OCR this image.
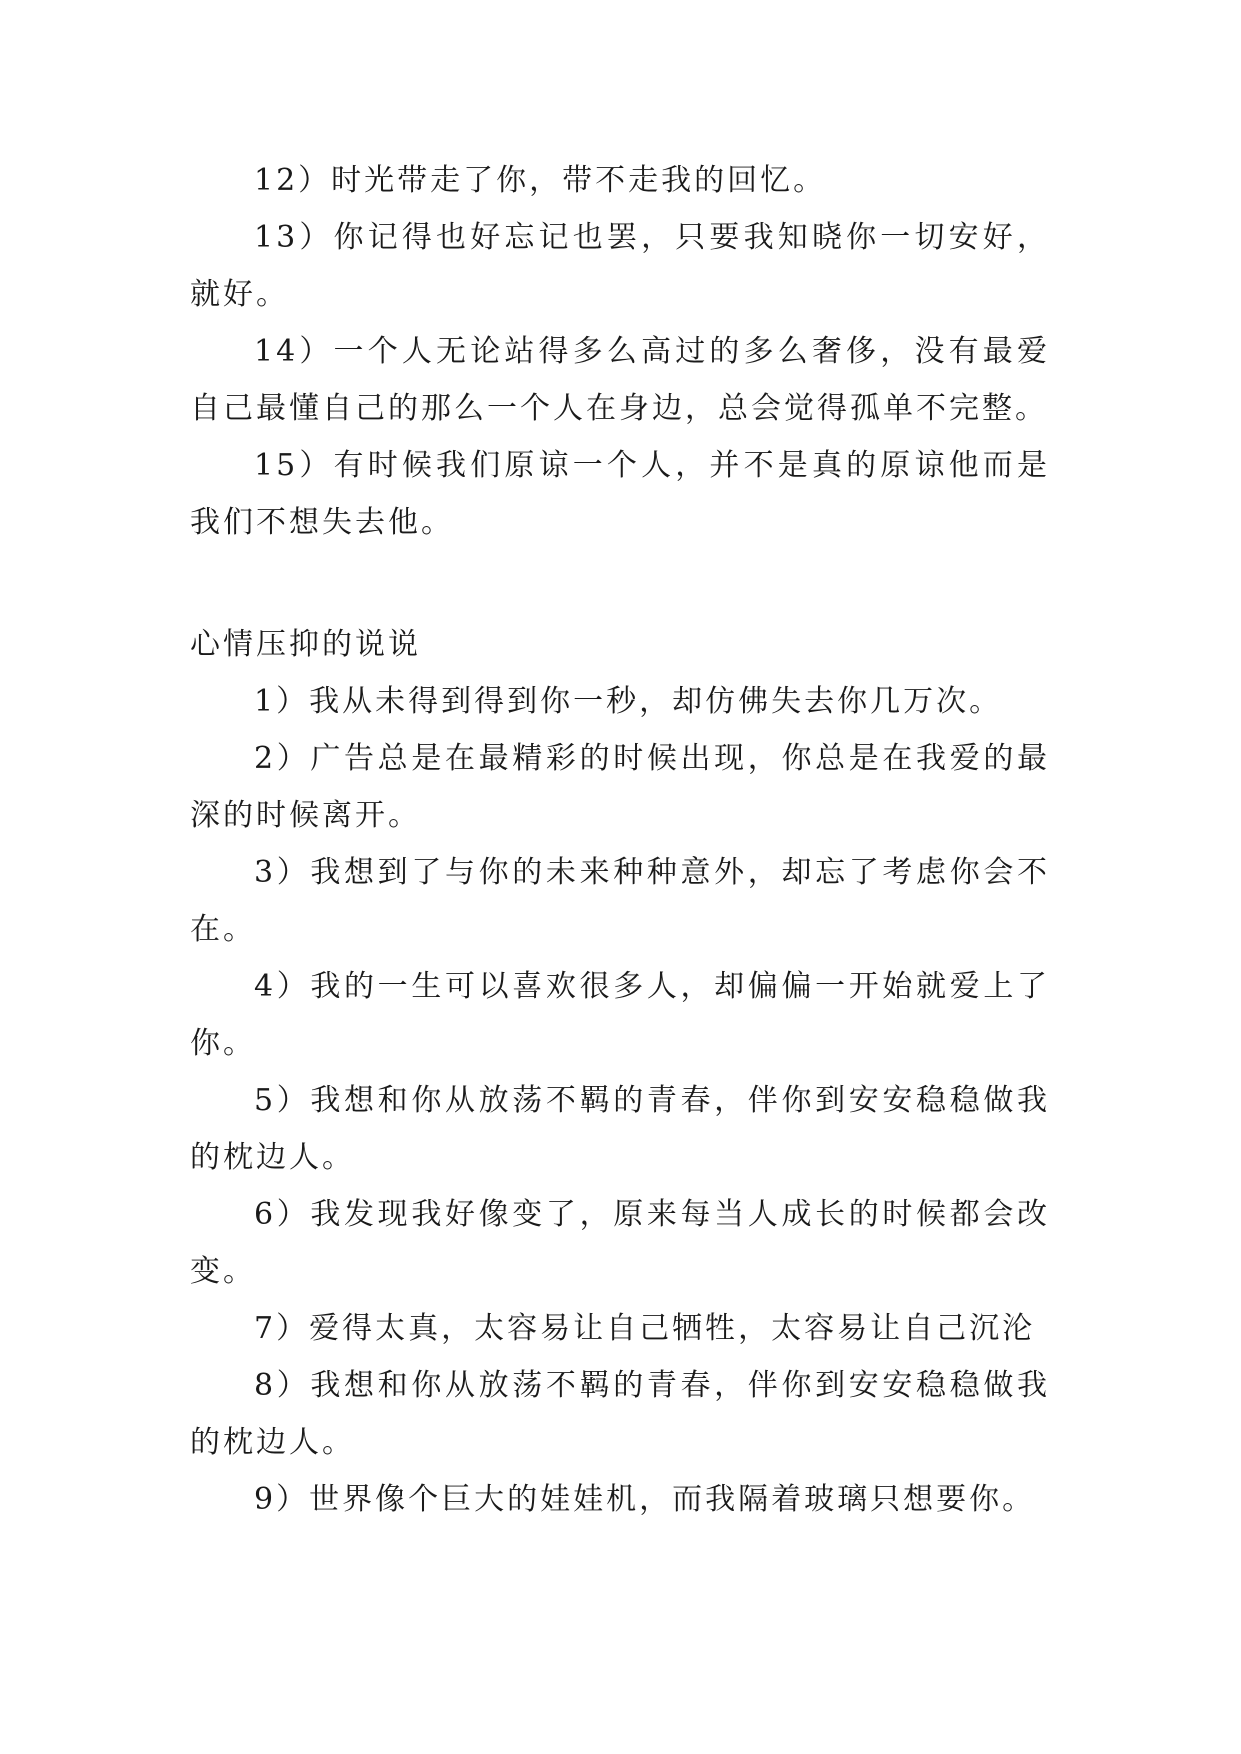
12）时光带走了你，带不走我的回忆。

13）你记得也好忘记也罢，只要我知晓你一切安好，就好。

14）一个人无论站得多么高过的多么奢侈，没有最爱自己最懂自己的那么一个人在身边，总会觉得孤单不完整。

15）有时候我们原谅一个人，并不是真的原谅他而是我们不想失去他。

心情压抑的说说

1）我从未得到得到你一秒，却仿佛失去你几万次。

2）广告总是在最精彩的时候出现，你总是在我爱的最深的时候离开。

3）我想到了与你的未来种种意外，却忘了考虑你会不在。

4）我的一生可以喜欢很多人，却偏偏一开始就爱上了你。

5）我想和你从放荡不羁的青春，伴你到安安稳稳做我的枕边人。

6）我发现我好像变了，原来每当人成长的时候都会改变。

7）爱得太真，太容易让自己牺牲，太容易让自己沉沦

8）我想和你从放荡不羁的青春，伴你到安安稳稳做我的枕边人。

9）世界像个巨大的娃娃机，而我隔着玻璃只想要你。
